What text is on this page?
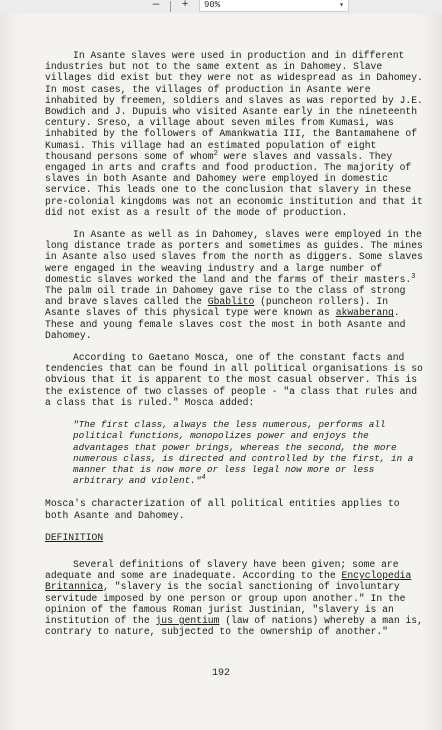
—	+	90%	▾

In Asante slaves were used in production and in different industries but not to the same extent as in Dahomey. Slave villages did exist but they were not as widespread as in Dahomey. In most cases, the villages of production in Asante were inhabited by freemen, soldiers and slaves as was reported by J.E. Bowdich and J. Dupuis who visited Asante early in the nineteenth century. Sreso, a village about seven miles from Kumasi, was inhabited by the followers of Amankwatia III, the Bantamahene of Kumasi. This village had an estimated population of eight thousand persons some of whom$^2$ were slaves and vassals. They engaged in arts and crafts and food production. The majority of slaves in both Asante and Dahomey were employed in domestic service. This leads one to the conclusion that slavery in these pre-colonial kingdoms was not an economic institution and that it did not exist as a result of the mode of production.

In Asante as well as in Dahomey, slaves were employed in the long distance trade as porters and sometimes as guides. The mines in Asante also used slaves from the north as diggers. Some slaves were engaged in the weaving industry and a large number of domestic slaves worked the land and the farms of their masters.$^3$ The palm oil trade in Dahomey gave rise to the class of strong and brave slaves called the Gbablito (puncheon rollers). In Asante slaves of this physical type were known as akwaberang. These and young female slaves cost the most in both Asante and Dahomey.

According to Gaetano Mosca, one of the constant facts and tendencies that can be found in all political organisations is so obvious that it is apparent to the most casual observer. This is the existence of two classes of people - "a class that rules and a class that is ruled." Mosca added:

"The first class, always the less numerous, performs all political functions, monopolizes power and enjoys the advantages that power brings, whereas the second, the more numerous class, is directed and controlled by the first, in a manner that is now more or less legal now more or less arbitrary and violent."$^4$

Mosca's characterization of all political entities applies to both Asante and Dahomey.

DEFINITION

Several definitions of slavery have been given; some are adequate and some are inadequate. According to the Encyclopedia Britannica, "slavery is the social sanctioning of involuntary servitude imposed by one person or group upon another." In the opinion of the famous Roman jurist Justinian, "slavery is an institution of the jus gentium (law of nations) whereby a man is, contrary to nature, subjected to the ownership of another."

192
